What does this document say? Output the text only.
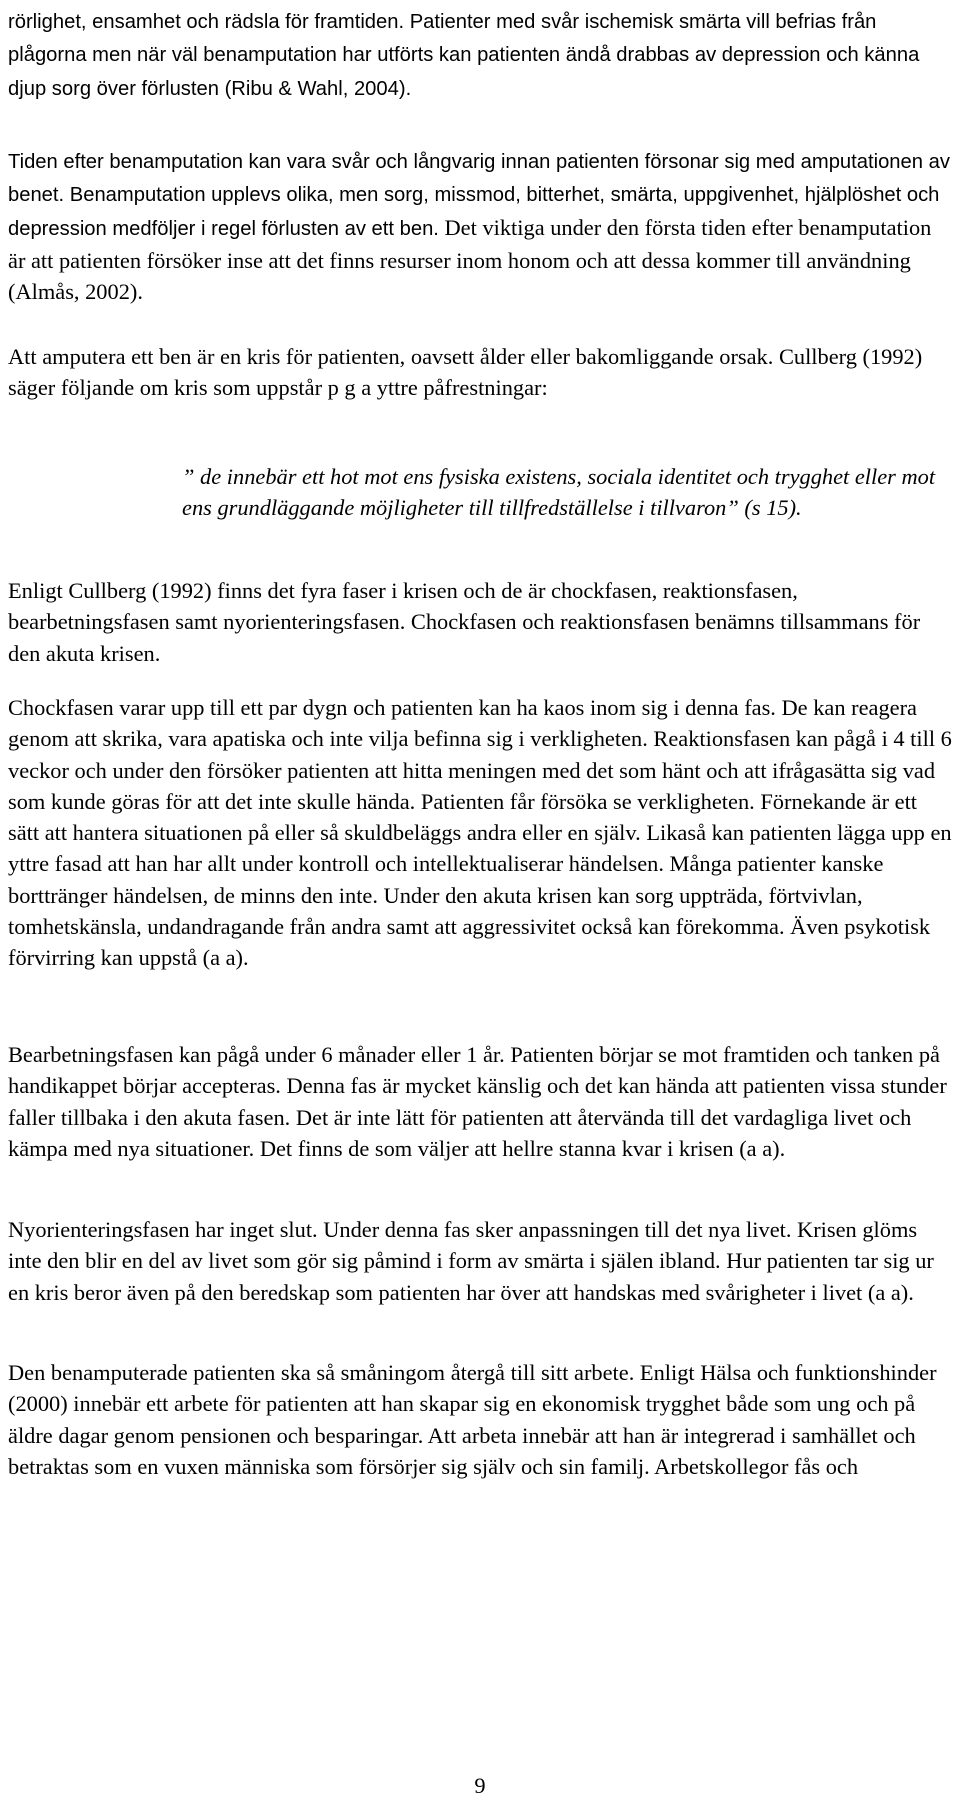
rörlighet, ensamhet och rädsla för framtiden. Patienter med svår ischemisk smärta vill befrias från plågorna men när väl benamputation har utförts kan patienten ändå drabbas av depression och känna djup sorg över förlusten (Ribu & Wahl, 2004).

Tiden efter benamputation kan vara svår och långvarig innan patienten försonar sig med amputationen av benet. Benamputation upplevs olika, men sorg, missmod, bitterhet, smärta, uppgivenhet, hjälplöshet och depression medföljer i regel förlusten av ett ben. Det viktiga under den första tiden efter benamputation är att patienten försöker inse att det finns resurser inom honom och att dessa kommer till användning (Almås, 2002).

Att amputera ett ben är en kris för patienten, oavsett ålder eller bakomliggande orsak. Cullberg (1992) säger följande om kris som uppstår p g a yttre påfrestningar:

” de innebär ett hot mot ens fysiska existens, sociala identitet och trygghet eller mot ens grundläggande möjligheter till tillfredställelse i tillvaron” (s 15).

Enligt Cullberg (1992) finns det fyra faser i krisen och de är chockfasen, reaktionsfasen, bearbetningsfasen samt nyorienteringsfasen. Chockfasen och reaktionsfasen benämns tillsammans för den akuta krisen.

Chockfasen varar upp till ett par dygn och patienten kan ha kaos inom sig i denna fas. De kan reagera genom att skrika, vara apatiska och inte vilja befinna sig i verkligheten. Reaktionsfasen kan pågå i 4 till 6 veckor och under den försöker patienten att hitta meningen med det som hänt och att ifrågasätta sig vad som kunde göras för att det inte skulle hända. Patienten får försöka se verkligheten. Förnekande är ett sätt att hantera situationen på eller så skuldbeläggs andra eller en själv. Likaså kan patienten lägga upp en yttre fasad att han har allt under kontroll och intellektualiserar händelsen. Många patienter kanske borttränger händelsen, de minns den inte. Under den akuta krisen kan sorg uppträda, förtvivlan, tomhetskänsla, undandragande från andra samt att aggressivitet också kan förekomma. Även psykotisk förvirring kan uppstå (a a).

Bearbetningsfasen kan pågå under 6 månader eller 1 år. Patienten börjar se mot framtiden och tanken på handikappet börjar accepteras. Denna fas är mycket känslig och det kan hända att patienten vissa stunder faller tillbaka i den akuta fasen. Det är inte lätt för patienten att återvända till det vardagliga livet och kämpa med nya situationer. Det finns de som väljer att hellre stanna kvar i krisen (a a).

Nyorienteringsfasen har inget slut. Under denna fas sker anpassningen till det nya livet. Krisen glöms inte den blir en del av livet som gör sig påmind i form av smärta i själen ibland. Hur patienten tar sig ur en kris beror även på den beredskap som patienten har över att handskas med svårigheter i livet (a a).

Den benamputerade patienten ska så småningom återgå till sitt arbete. Enligt Hälsa och funktionshinder (2000) innebär ett arbete för patienten att han skapar sig en ekonomisk trygghet både som ung och på äldre dagar genom pensionen och besparingar. Att arbeta innebär att han är integrerad i samhället och betraktas som en vuxen människa som försörjer sig själv och sin familj. Arbetskollegor fås och

9
